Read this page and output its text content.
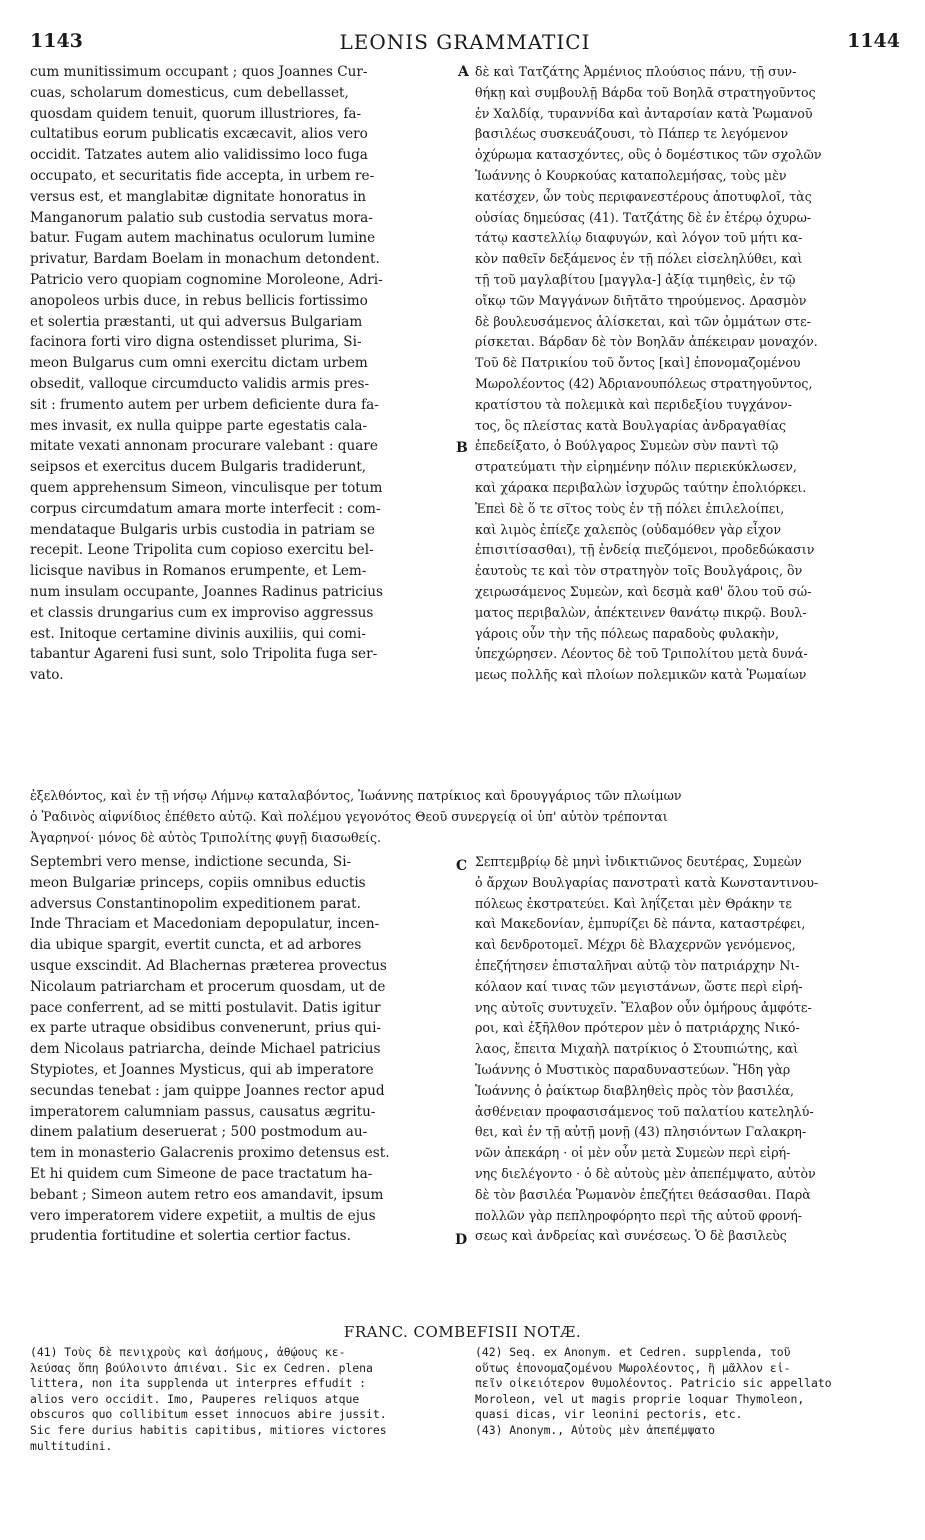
1143	LEONIS GRAMMATICI	1144
cum munitissimum occupant ; quos Joannes Cur-
cuas, scholarum domesticus, cum debellasset,
quosdam quidem tenuit, quorum illustriores, fa-
cultatibus eorum publicatis excæcavit, alios vero
occidit. Tatzates autem alio validissimo loco fuga
occupato, et securitatis fide accepta, in urbem re-
versus est, et manglabitæ dignitate honoratus in
Manganorum palatio sub custodia servatus mora-
batur. Fugam autem machinatus oculorum lumine
privatur, Bardam Boelam in monachum detondent.
Patricio vero quopiam cognomine Moroleone, Adri-
anopoleos urbis duce, in rebus bellicis fortissimo
et solertia præstanti, ut qui adversus Bulgariam
facinora forti viro digna ostendisset plurima, Si-
meon Bulgarus cum omni exercitu dictam urbem
obsedit, valloque circumducto validis armis pres-
sit : frumento autem per urbem deficiente dura fa-
mes invasit, ex nulla quippe parte egestatis cala-
mitate vexati annonam procurare valebant : quare
seipsos et exercitus ducem Bulgaris tradiderunt,
quem apprehensum Simeon, vinculisque per totum
corpus circumdatum amara morte interfecit : com-
mendataque Bulgaris urbis custodia in patriam se
recepit. Leone Tripolita cum copioso exercitu bel-
licisque navibus in Romanos erumpente, et Lem-
num insulam occupante, Joannes Radinus patricius
et classis drungarius cum ex improviso aggressus
est. Initoque certamine divinis auxiliis, qui comi-
tabantur Agareni fusi sunt, solo Tripolita fuga ser-
vato.
δὲ καὶ Τατζάτης Ἀρμένιος πλούσιος πάνυ, τῇ συν-
θήκῃ καὶ συμβουλῇ Βάρδα τοῦ Βοηλᾶ στρατηγοῦντος
ἐν Χαλδίᾳ, τυραννίδα καὶ ἀνταρσίαν κατὰ Ῥωμανοῦ
βασιλέως συσκευάζουσι, τὸ Πάπερ τε λεγόμενον
ὀχύρωμα κατασχόντες, οὓς ὁ δομέστικος τῶν σχολῶν
Ἰωάννης ὁ Κουρκούας καταπολεμήσας, τοὺς μὲν
κατέσχεν, ὧν τοὺς περιφανεστέρους ἀποτυφλοῖ, τὰς
οὐσίας δημεύσας (41). Τατζάτης δὲ ἐν ἑτέρῳ ὀχυρω-
τάτῳ καστελλίῳ διαφυγών, καὶ λόγον τοῦ μήτι κα-
κὸν παθεῖν δεξάμενος ἐν τῇ πόλει εἰσεληλύθει, καὶ
τῇ τοῦ μαγλαβίτου [μαγγλα-] ἀξίᾳ τιμηθεὶς, ἐν τῷ
οἴκῳ τῶν Μαγγάνων διῆτᾶτο τηρούμενος. Δρασμὸν
δὲ βουλευσάμενος ἁλίσκεται, καὶ τῶν ὀμμάτων στε-
ρίσκεται. Βάρδαν δὲ τὸν Βοηλᾶν ἀπέκειραν μοναχόν.
Τοῦ δὲ Πατρικίου τοῦ ὄντος [καὶ] ἐπονομαζομένου
Μωρολέοντος (42) Ἀδριανουπόλεως στρατηγοῦντος,
κρατίστου τὰ πολεμικὰ καὶ περιδεξίου τυγχάνον-
τος, ὃς πλείστας κατὰ Βουλγαρίας ἀνδραγαθίας
ἐπεδείξατο, ὁ Βούλγαρος Συμεὼν σὺν παντὶ τῷ
στρατεύματι τὴν εἰρημένην πόλιν περιεκύκλωσεν,
καὶ χάρακα περιβαλὼν ἰσχυρῶς ταύτην ἐπολιόρκει.
Ἐπεὶ δὲ ὅ τε σῖτος τοὺς ἐν τῇ πόλει ἐπιλελοίπει,
καὶ λιμὸς ἐπίεζε χαλεπὸς (οὐδαμόθεν γὰρ εἶχον
ἐπισιτίσασθαι), τῇ ἐνδείᾳ πιεζόμενοι, προδεδώκασιν
ἑαυτοὺς τε καὶ τὸν στρατηγὸν τοῖς Βουλγάροις, ὃν
χειρωσάμενος Συμεὼν, καὶ δεσμὰ καθ' ὅλου τοῦ σώ-
ματος περιβαλὼν, ἀπέκτεινεν θανάτῳ πικρῷ. Βουλ-
γάροις οὖν τὴν τῆς πόλεως παραδοὺς φυλακὴν,
ὑπεχώρησεν. Λέοντος δὲ τοῦ Τριπολίτου μετὰ δυνά-
μεως πολλῆς καὶ πλοίων πολεμικῶν κατὰ Ῥωμαίων
A
B
C
D
ἐξελθόντος, καὶ ἐν τῇ νήσῳ Λήμνῳ καταλαβόντος, Ἰωάννης πατρίκιος καὶ δρουγγάριος τῶν πλωίμων
ὁ Ῥαδινὸς αἰφνίδιος ἐπέθετο αὐτῷ. Καὶ πολέμου γεγονότος Θεοῦ συνεργείᾳ οἱ ὑπ' αὐτὸν τρέπονται
Ἀγαρηνοί· μόνος δὲ αὐτὸς Τριπολίτης φυγῇ διασωθείς.
Septembri vero mense, indictione secunda, Si-
meon Bulgariæ princeps, copiis omnibus eductis
adversus Constantinopolim expeditionem parat.
Inde Thraciam et Macedoniam depopulatur, incen-
dia ubique spargit, evertit cuncta, et ad arbores
usque exscindit. Ad Blachernas præterea provectus
Nicolaum patriarcham et procerum quosdam, ut de
pace conferrent, ad se mitti postulavit. Datis igitur
ex parte utraque obsidibus convenerunt, prius qui-
dem Nicolaus patriarcha, deinde Michael patricius
Stypiotes, et Joannes Mysticus, qui ab imperatore
secundas tenebat : jam quippe Joannes rector apud
imperatorem calumniam passus, causatus ægritu-
dinem palatium deseruerat ; 500 postmodum au-
tem in monasterio Galacrenis proximo detensus est.
Et hi quidem cum Simeone de pace tractatum ha-
bebant ; Simeon autem retro eos amandavit, ipsum
vero imperatorem videre expetiit, a multis de ejus
prudentia fortitudine et solertia certior factus.
Σεπτεμβρίῳ δὲ μηνὶ ἰνδικτιῶνος δευτέρας, Συμεὼν
ὁ ἄρχων Βουλγαρίας πανστρατὶ κατὰ Κωνσταντινου-
πόλεως ἐκστρατεύει. Καὶ ληΐζεται μὲν Θράκην τε
καὶ Μακεδονίαν, ἐμπυρίζει δὲ πάντα, καταστρέφει,
καὶ δενδροτομεῖ. Μέχρι δὲ Βλαχερνῶν γενόμενος,
ἐπεζήτησεν ἐπισταλῆναι αὐτῷ τὸν πατριάρχην Νι-
κόλαον καί τινας τῶν μεγιστάνων, ὥστε περὶ εἰρή-
νης αὐτοῖς συντυχεῖν. Ἔλαβον οὖν ὁμήρους ἀμφότε-
ροι, καὶ ἐξῆλθον πρότερον μὲν ὁ πατριάρχης Νικό-
λαος, ἔπειτα Μιχαὴλ πατρίκιος ὁ Στουπιώτης, καὶ
Ἰωάννης ὁ Μυστικὸς παραδυναστεύων. Ἤδη γὰρ
Ἰωάννης ὁ ῥαίκτωρ διαβληθεὶς πρὸς τὸν βασιλέα,
ἀσθένειαν προφασισάμενος τοῦ παλατίου κατεληλύ-
θει, καὶ ἐν τῇ αὐτῇ μονῇ (43) πλησιόντων Γαλακρη-
νῶν ἀπεκάρη · οἱ μὲν οὖν μετὰ Συμεὼν περὶ εἰρή-
νης διελέγοντο · ὁ δὲ αὐτοὺς μὲν ἀπεπέμψατο, αὐτὸν
δὲ τὸν βασιλέα Ῥωμανὸν ἐπεζήτει θεάσασθαι. Παρὰ
πολλῶν γὰρ πεπληροφόρητο περὶ τῆς αὐτοῦ φρονή-
σεως καὶ ἀνδρείας καὶ συνέσεως. Ὁ δὲ βασιλεὺς
FRANC. COMBEFISII NOTÆ.
(41) Τοὺς δὲ πενιχροὺς καὶ ἀσήμους, ἀθῴους κε-
λεύσας ὅπη βούλοιντο ἀπιέναι. Sic ex Cedren. plena
littera, non ita supplenda ut interpres effudit :
alios vero occidit. Imo, Pauperes reliquos atque
obscuros quo collibitum esset innocuos abire jussit.
Sic fere durius habitis capitibus, mitiores victores
multitudini.
(42) Seq. ex Anonym. et Cedren. supplenda, τοῦ
οὕτως ἐπονομαζομένου Μωρολέοντος, ἢ μᾶλλον εἰ-
πεῖν οἰκειότερον Θυμολέοντος. Patricio sic appellato
Moroleon, vel ut magis proprie loquar Thymoleon,
quasi dicas, vir leonini pectoris, etc.
(43) Anonym., Αὐτοὺς μὲν ἀπεπέμψατο
